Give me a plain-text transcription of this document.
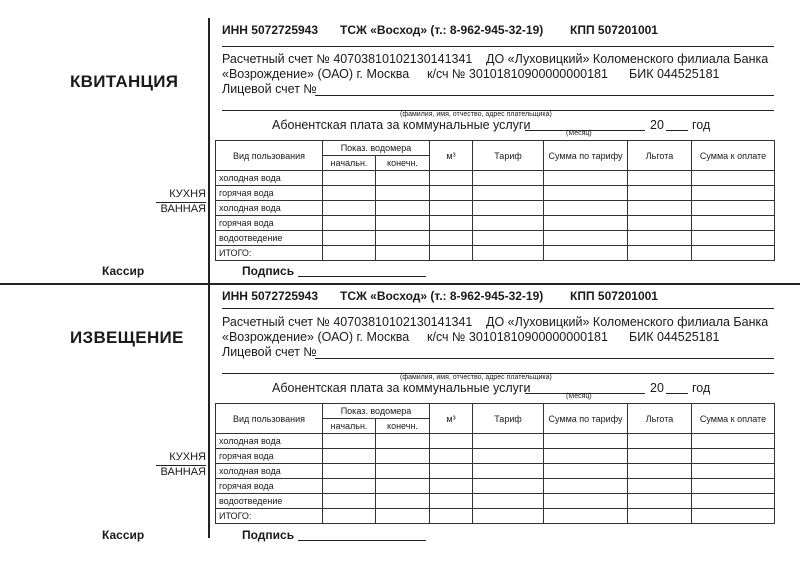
КВИТАНЦИЯ
ИНН 5072725943 ТСЖ «Восход» (т.: 8-962-945-32-19) КПП 507201001
Расчетный счет № 40703810102130141341 ДО «Луховицкий» Коломенского филиала Банка
«Возрождение» (ОАО) г. Москва к/сч № 30101810900000000181 БИК 044525181
Лицевой счет №
(фамилия, имя, отчество, адрес плательщика)
Абонентская плата за коммунальные услуги
(Месяц)
20 год
Вид пользования	Показ. водомера		м³	Тариф	Сумма по тарифу	Льгота	Сумма к оплате
	начальн.	конечн.					
холодная вода							
горячая вода							
холодная вода							
горячая вода							
водоотведение							
ИТОГО:							
КУХНЯ
ВАННАЯ
Кассир	Подпись
ИЗВЕЩЕНИЕ
ИНН 5072725943 ТСЖ «Восход» (т.: 8-962-945-32-19) КПП 507201001
Расчетный счет № 40703810102130141341 ДО «Луховицкий» Коломенского филиала Банка
«Возрождение» (ОАО) г. Москва к/сч № 30101810900000000181 БИК 044525181
Лицевой счет №
(фамилия, имя, отчество, адрес плательщика)
Абонентская плата за коммунальные услуги
(Месяц)
20 год
Вид пользования	Показ. водомера		м³	Тариф	Сумма по тарифу	Льгота	Сумма к оплате
	начальн.	конечн.					
холодная вода							
горячая вода							
холодная вода							
горячая вода							
водоотведение							
ИТОГО:							
КУХНЯ
ВАННАЯ
Кассир	Подпись
